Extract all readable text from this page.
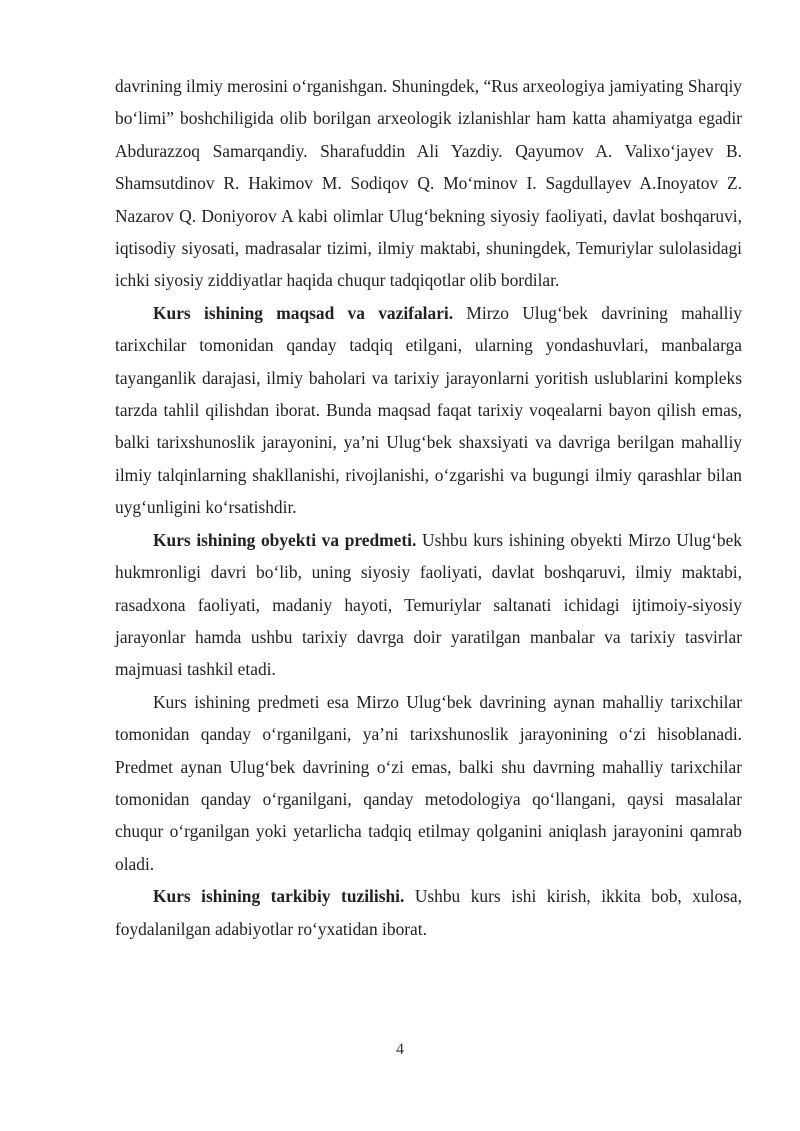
davrining ilmiy merosini o‘rganishgan. Shuningdek, “Rus arxeologiya jamiyating Sharqiy bo‘limi” boshchiligida olib borilgan arxeologik izlanishlar ham katta ahamiyatga egadir Abdurazzoq Samarqandiy. Sharafuddin Ali Yazdiy. Qayumov A. Valixo‘jayev B. Shamsutdinov R. Hakimov M. Sodiqov Q. Mo‘minov I. Sagdullayev A.Inoyatov Z. Nazarov Q. Doniyorov A kabi olimlar Ulug‘bekning siyosiy faoliyati, davlat boshqaruvi, iqtisodiy siyosati, madrasalar tizimi, ilmiy maktabi, shuningdek, Temuriylar sulolasidagi ichki siyosiy ziddiyatlar haqida chuqur tadqiqotlar olib bordilar.

Kurs ishining maqsad va vazifalari. Mirzo Ulug‘bek davrining mahalliy tarixchilar tomonidan qanday tadqiq etilgani, ularning yondashuvlari, manbalarga tayanganlik darajasi, ilmiy baholari va tarixiy jarayonlarni yoritish uslublarini kompleks tarzda tahlil qilishdan iborat. Bunda maqsad faqat tarixiy voqealarni bayon qilish emas, balki tarixshunoslik jarayonini, ya’ni Ulug‘bek shaxsiyati va davriga berilgan mahalliy ilmiy talqinlarning shakllanishi, rivojlanishi, o‘zgarishi va bugungi ilmiy qarashlar bilan uyg‘unligini ko‘rsatishdir.

Kurs ishining obyekti va predmeti. Ushbu kurs ishining obyekti Mirzo Ulug‘bek hukmronligi davri bo‘lib, uning siyosiy faoliyati, davlat boshqaruvi, ilmiy maktabi, rasadxona faoliyati, madaniy hayoti, Temuriylar saltanati ichidagi ijtimoiy-siyosiy jarayonlar hamda ushbu tarixiy davrga doir yaratilgan manbalar va tarixiy tasvirlar majmuasi tashkil etadi.

Kurs ishining predmeti esa Mirzo Ulug‘bek davrining aynan mahalliy tarixchilar tomonidan qanday o‘rganilgani, ya’ni tarixshunoslik jarayonining o‘zi hisoblanadi. Predmet aynan Ulug‘bek davrining o‘zi emas, balki shu davrning mahalliy tarixchilar tomonidan qanday o‘rganilgani, qanday metodologiya qo‘llangani, qaysi masalalar chuqur o‘rganilgan yoki yetarlicha tadqiq etilmay qolganini aniqlash jarayonini qamrab oladi.

Kurs ishining tarkibiy tuzilishi. Ushbu kurs ishi kirish, ikkita bob, xulosa, foydalanilgan adabiyotlar ro‘yxatidan iborat.

4
